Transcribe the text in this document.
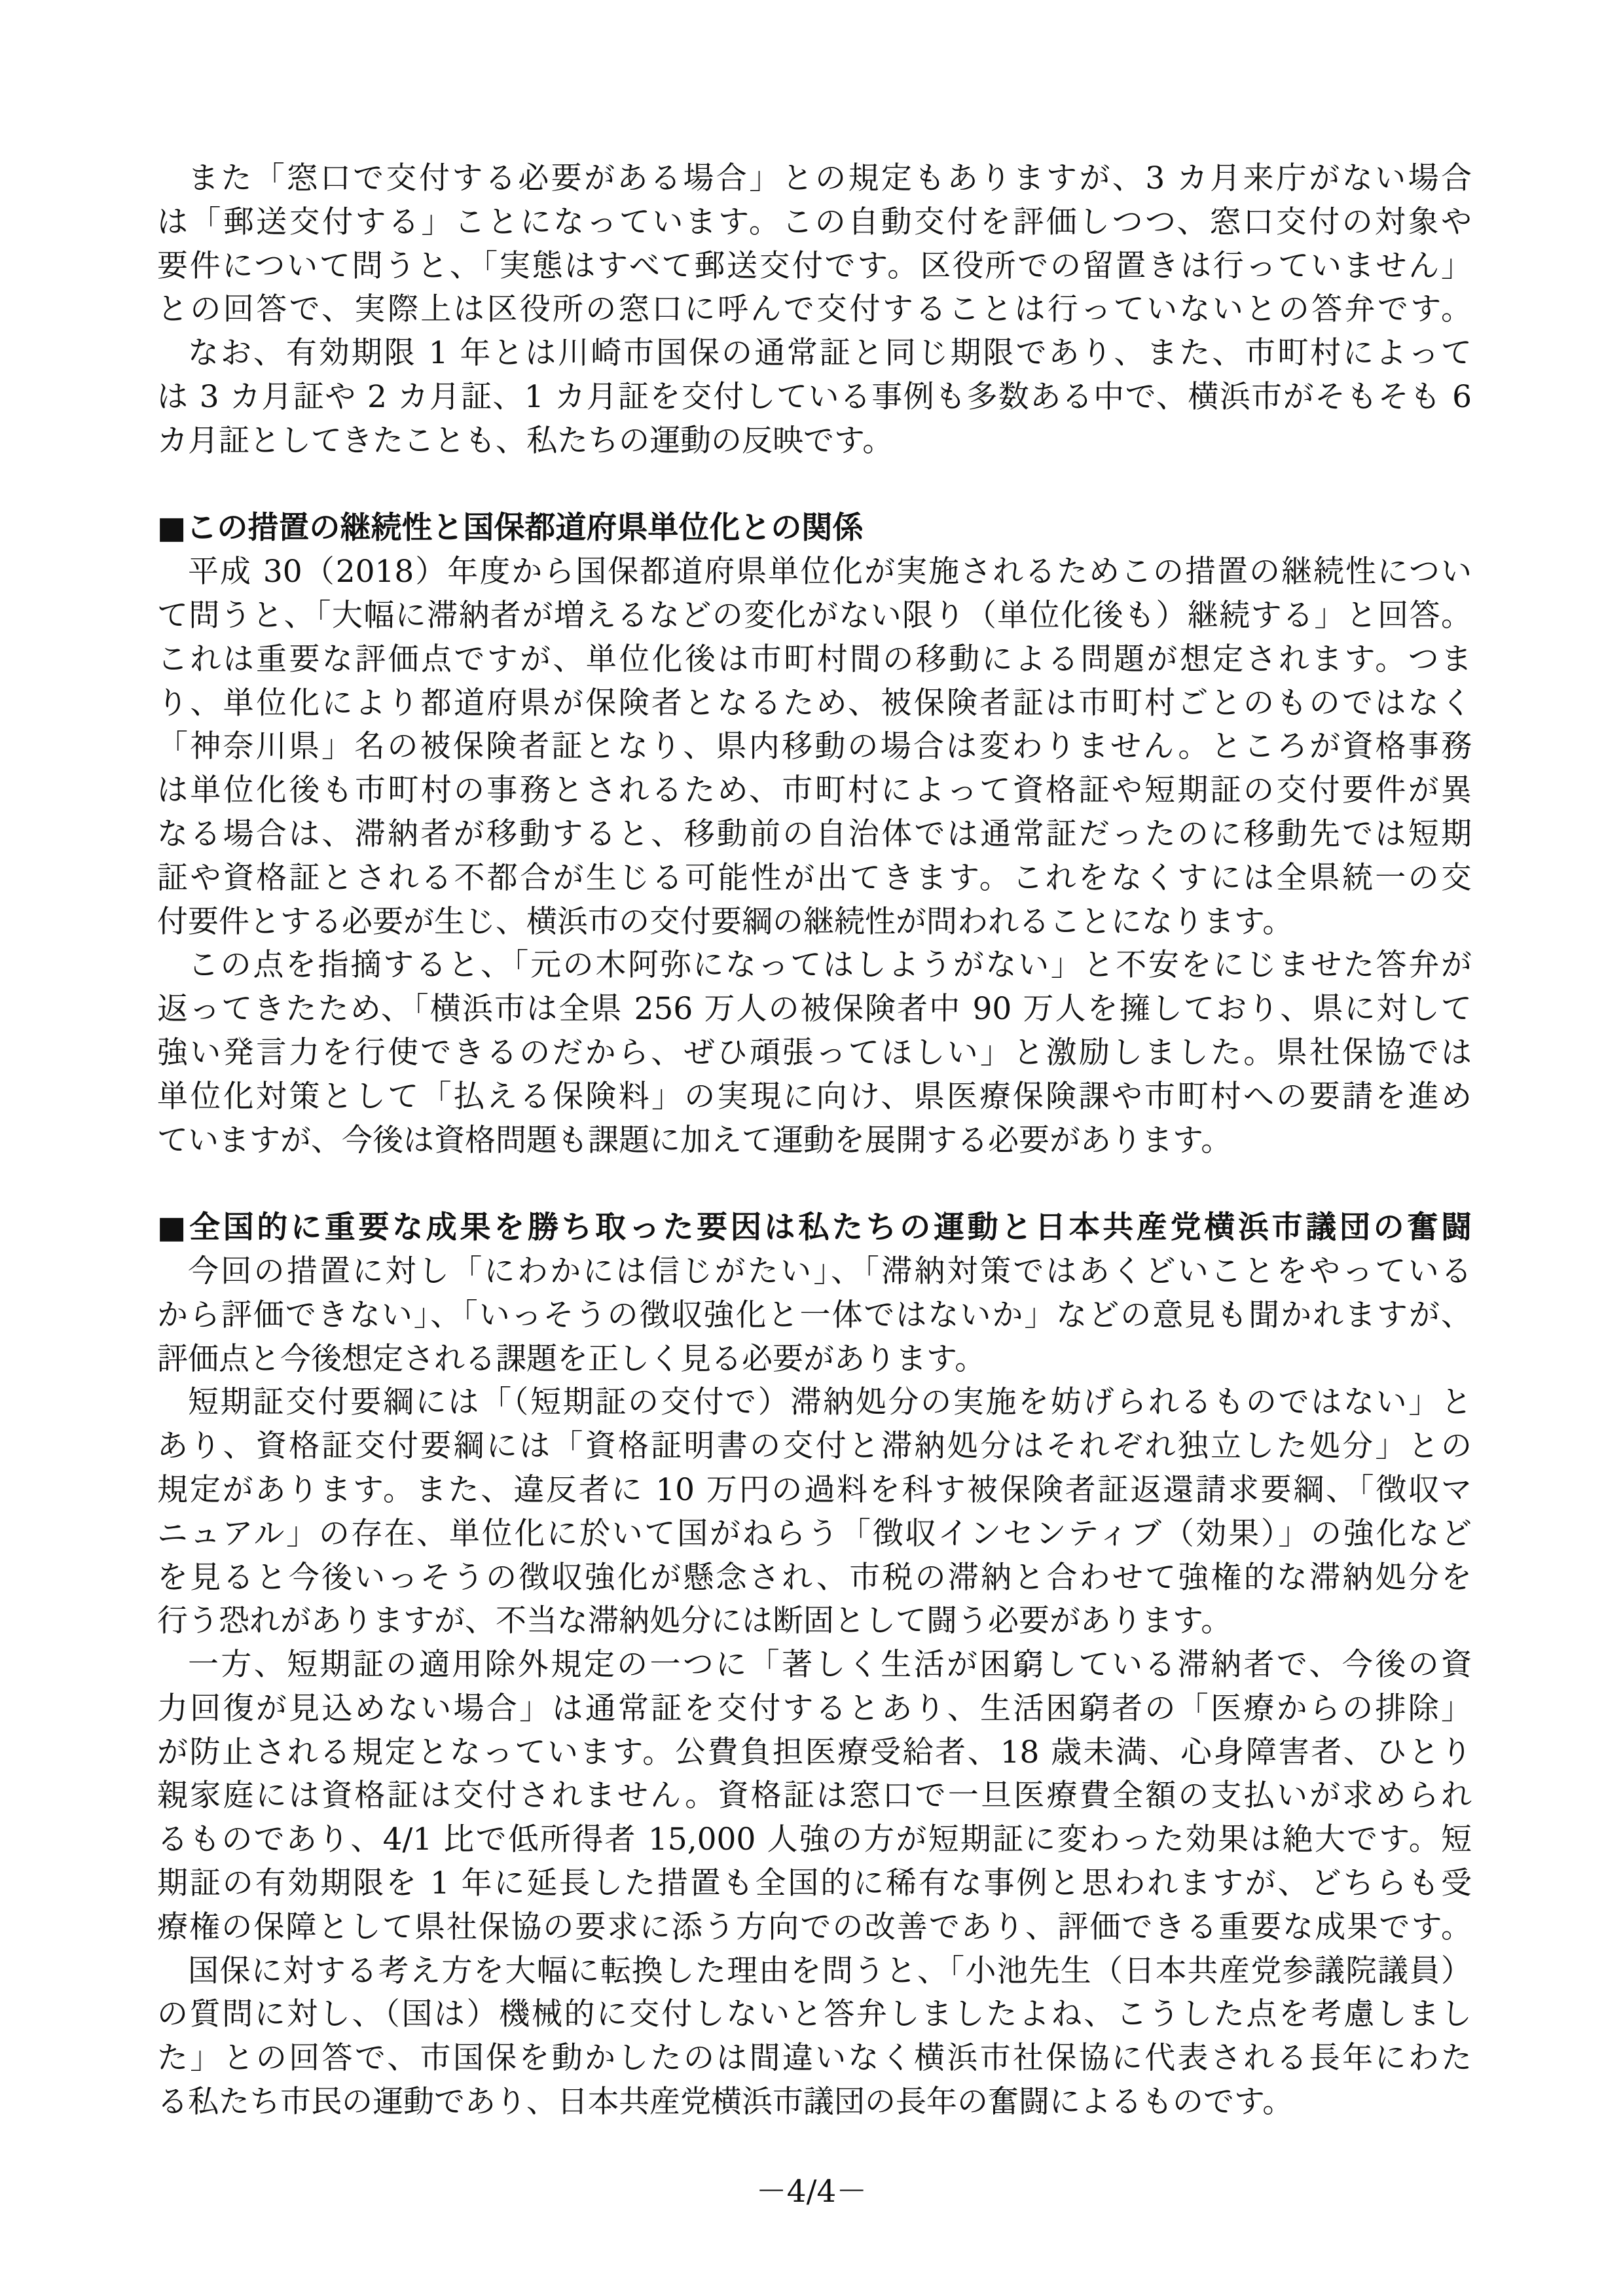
また「窓口で交付する必要がある場合」との規定もありますが、3 カ月来庁がない場合
は「郵送交付する」ことになっています。この自動交付を評価しつつ、窓口交付の対象や
要件について問うと、「実態はすべて郵送交付です。区役所での留置きは行っていません」
との回答で、実際上は区役所の窓口に呼んで交付することは行っていないとの答弁です。
なお、有効期限 1 年とは川崎市国保の通常証と同じ期限であり、また、市町村によって
は 3 カ月証や 2 カ月証、1 カ月証を交付している事例も多数ある中で、横浜市がそもそも 6
カ月証としてきたことも、私たちの運動の反映です。
■この措置の継続性と国保都道府県単位化との関係
平成 30（2018）年度から国保都道府県単位化が実施されるためこの措置の継続性につい
て問うと、「大幅に滞納者が増えるなどの変化がない限り（単位化後も）継続する」と回答。
これは重要な評価点ですが、単位化後は市町村間の移動による問題が想定されます。つま
り、単位化により都道府県が保険者となるため、被保険者証は市町村ごとのものではなく
「神奈川県」名の被保険者証となり、県内移動の場合は変わりません。ところが資格事務
は単位化後も市町村の事務とされるため、市町村によって資格証や短期証の交付要件が異
なる場合は、滞納者が移動すると、移動前の自治体では通常証だったのに移動先では短期
証や資格証とされる不都合が生じる可能性が出てきます。これをなくすには全県統一の交
付要件とする必要が生じ、横浜市の交付要綱の継続性が問われることになります。
この点を指摘すると、「元の木阿弥になってはしようがない」と不安をにじませた答弁が
返ってきたため、「横浜市は全県 256 万人の被保険者中 90 万人を擁しており、県に対して
強い発言力を行使できるのだから、ぜひ頑張ってほしい」と激励しました。県社保協では
単位化対策として「払える保険料」の実現に向け、県医療保険課や市町村への要請を進め
ていますが、今後は資格問題も課題に加えて運動を展開する必要があります。
■全国的に重要な成果を勝ち取った要因は私たちの運動と日本共産党横浜市議団の奮闘
今回の措置に対し「にわかには信じがたい」、「滞納対策ではあくどいことをやっている
から評価できない」、「いっそうの徴収強化と一体ではないか」などの意見も聞かれますが、
評価点と今後想定される課題を正しく見る必要があります。
短期証交付要綱には「（短期証の交付で）滞納処分の実施を妨げられるものではない」と
あり、資格証交付要綱には「資格証明書の交付と滞納処分はそれぞれ独立した処分」との
規定があります。また、違反者に 10 万円の過料を科す被保険者証返還請求要綱、「徴収マ
ニュアル」の存在、単位化に於いて国がねらう「徴収インセンティブ（効果）」の強化など
を見ると今後いっそうの徴収強化が懸念され、市税の滞納と合わせて強権的な滞納処分を
行う恐れがありますが、不当な滞納処分には断固として闘う必要があります。
一方、短期証の適用除外規定の一つに「著しく生活が困窮している滞納者で、今後の資
力回復が見込めない場合」は通常証を交付するとあり、生活困窮者の「医療からの排除」
が防止される規定となっています。公費負担医療受給者、18 歳未満、心身障害者、ひとり
親家庭には資格証は交付されません。資格証は窓口で一旦医療費全額の支払いが求められ
るものであり、4/1 比で低所得者 15,000 人強の方が短期証に変わった効果は絶大です。短
期証の有効期限を 1 年に延長した措置も全国的に稀有な事例と思われますが、どちらも受
療権の保障として県社保協の要求に添う方向での改善であり、評価できる重要な成果です。
国保に対する考え方を大幅に転換した理由を問うと、「小池先生（日本共産党参議院議員）
の質問に対し、（国は）機械的に交付しないと答弁しましたよね、こうした点を考慮しまし
た」との回答で、市国保を動かしたのは間違いなく横浜市社保協に代表される長年にわた
る私たち市民の運動であり、日本共産党横浜市議団の長年の奮闘によるものです。
－4/4－
